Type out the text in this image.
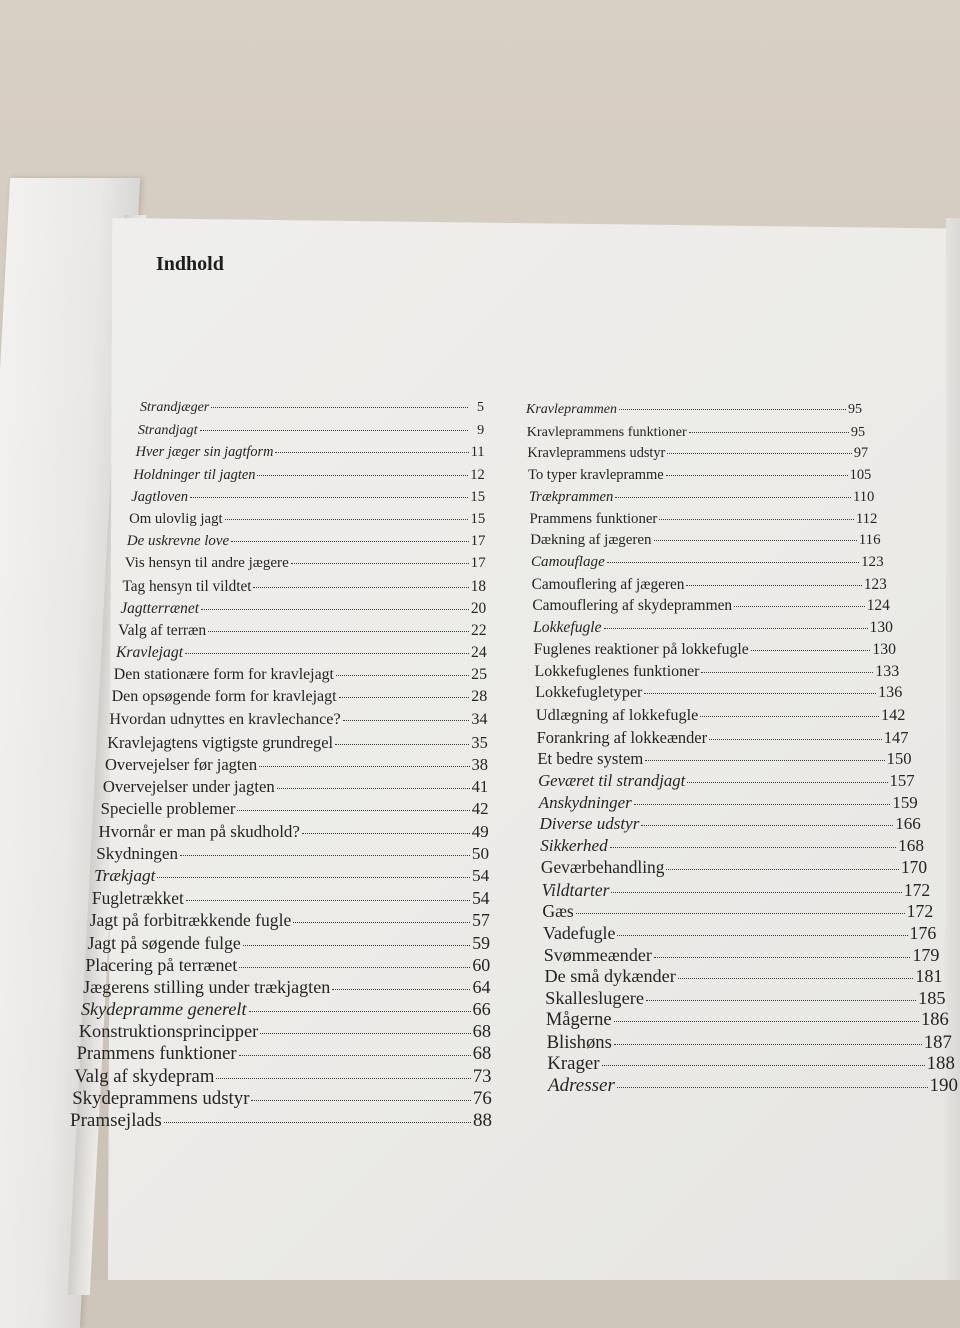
Indhold
Strandjæger	5
Strandjagt	9
Hver jæger sin jagtform	11
Holdninger til jagten	12
Jagtloven	15
Om ulovlig jagt	15
De uskrevne love	17
Vis hensyn til andre jægere	17
Tag hensyn til vildtet	18
Jagtterrænet	20
Valg af terræn	22
Kravlejagt	24
Den stationære form for kravlejagt	25
Den opsøgende form for kravlejagt	28
Hvordan udnyttes en kravlechance?	34
Kravlejagtens vigtigste grundregel	35
Overvejelser før jagten	38
Overvejelser under jagten	41
Specielle problemer	42
Hvornår er man på skudhold?	49
Skydningen	50
Trækjagt	54
Fugletrækket	54
Jagt på forbitrækkende fugle	57
Jagt på søgende fulge	59
Placering på terrænet	60
Jægerens stilling under trækjagten	64
Skydepramme generelt	66
Konstruktionsprincipper	68
Prammens funktioner	68
Valg af skydepram	73
Skydeprammens udstyr	76
Pramsejlads	88
Kravleprammen	95
Kravleprammens funktioner	95
Kravleprammens udstyr	97
To typer kravlepramme	105
Trækprammen	110
Prammens funktioner	112
Dækning af jægeren	116
Camouflage	123
Camouflering af jægeren	123
Camouflering af skydeprammen	124
Lokkefugle	130
Fuglenes reaktioner på lokkefugle	130
Lokkefuglenes funktioner	133
Lokkefugletyper	136
Udlægning af lokkefugle	142
Forankring af lokkeænder	147
Et bedre system	150
Geværet til strandjagt	157
Anskydninger	159
Diverse udstyr	166
Sikkerhed	168
Geværbehandling	170
Vildtarter	172
Gæs	172
Vadefugle	176
Svømmeænder	179
De små dykænder	181
Skalleslugere	185
Mågerne	186
Blishøns	187
Krager	188
Adresser	190
